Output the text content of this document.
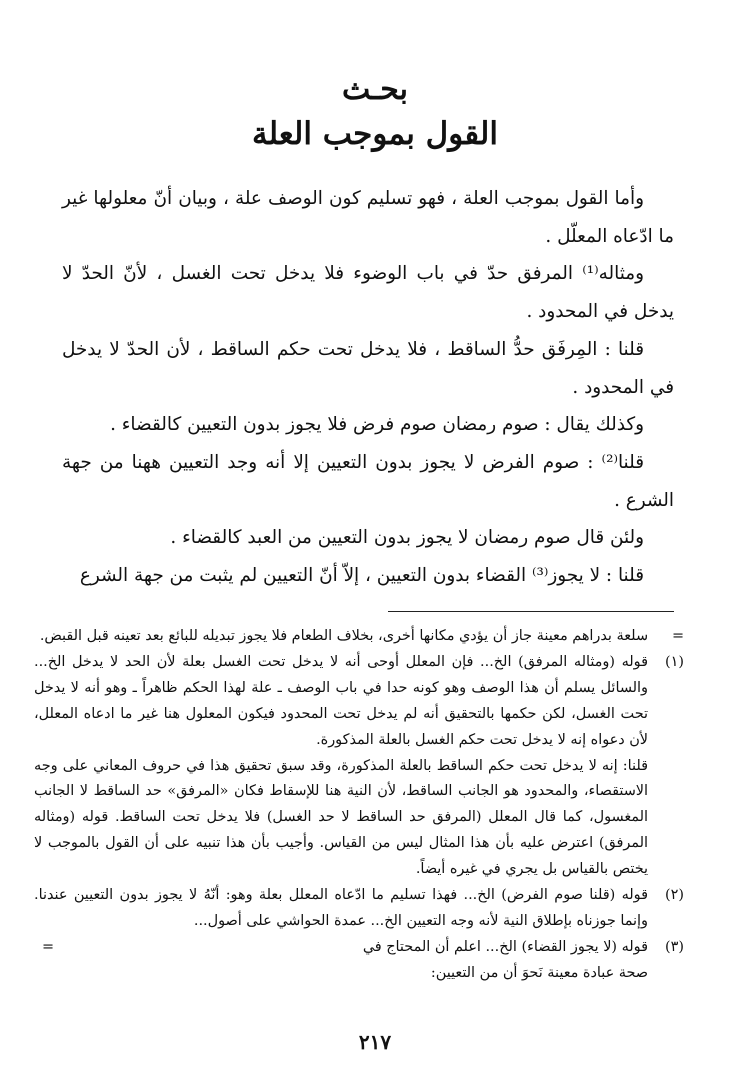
بحـث
القول بموجب العلة

وأما القول بموجب العلة ، فهو تسليم كون الوصف علة ، وبيان أنّ معلولها غير ما ادّعاه المعلّل .

ومثاله⁽¹⁾ المرفق حدّ في باب الوضوء فلا يدخل تحت الغسل ، لأنّ الحدّ لا يدخل في المحدود .

قلنا : المِرفَق حدُّ الساقط ، فلا يدخل تحت حكم الساقط ، لأن الحدّ لا يدخل في المحدود .

وكذلك يقال : صوم رمضان صوم فرض فلا يجوز بدون التعيين كالقضاء .

قلنا⁽²⁾ : صوم الفرض لا يجوز بدون التعيين إلا أنه وجد التعيين ههنا من جهة الشرع .

ولئن قال صوم رمضان لا يجوز بدون التعيين من العبد كالقضاء .

قلنا : لا يجوز⁽³⁾ القضاء بدون التعيين ، إلاّ أنّ التعيين لم يثبت من جهة الشرع

=
سلعة بدراهم معينة جاز أن يؤدي مكانها أخرى، بخلاف الطعام فلا يجوز تبديله للبائع بعد تعينه قبل القبض.
(١)
قوله (ومثاله المرفق) الخ... فإن المعلل أوحى أنه لا يدخل تحت الغسل بعلة لأن الحد لا يدخل الخ... والسائل يسلم أن هذا الوصف وهو كونه حدا في باب الوصف ـ علة لهذا الحكم ظاهراً ـ وهو أنه لا يدخل تحت الغسل، لكن حكمها بالتحقيق أنه لم يدخل تحت المحدود فيكون المعلول هنا غير ما ادعاه المعلل، لأن دعواه إنه لا يدخل تحت حكم الغسل بالعلة المذكورة.
قلنا: إنه لا يدخل تحت حكم الساقط بالعلة المذكورة، وقد سبق تحقيق هذا في حروف المعاني على وجه الاستقصاء، والمحدود هو الجانب الساقط، لأن النية هنا للإسقاط فكان «المرفق» حد الساقط لا الجانب المغسول، كما قال المعلل (المرفق حد الساقط لا حد الغسل) فلا يدخل تحت الساقط. قوله (ومثاله المرفق) اعترض عليه بأن هذا المثال ليس من القياس. وأجيب بأن هذا تنبيه على أن القول بالموجب لا يختص بالقياس بل يجري في غيره أيضاً.
(٢)
قوله (قلنا صوم الفرض) الخ... فهذا تسليم ما ادّعاه المعلل بعلة وهو: أنّهُ لا يجوز بدون التعيين عندنا. وإنما جوزناه بإطلاق النية لأنه وجه التعيين الخ... عمدة الحواشي على أصول...
(٣)
قوله (لا يجوز القضاء) الخ... اعلم أن المحتاج في صحة عبادة معينة نَحوَ أن من التعيين:
=
٢١٧
